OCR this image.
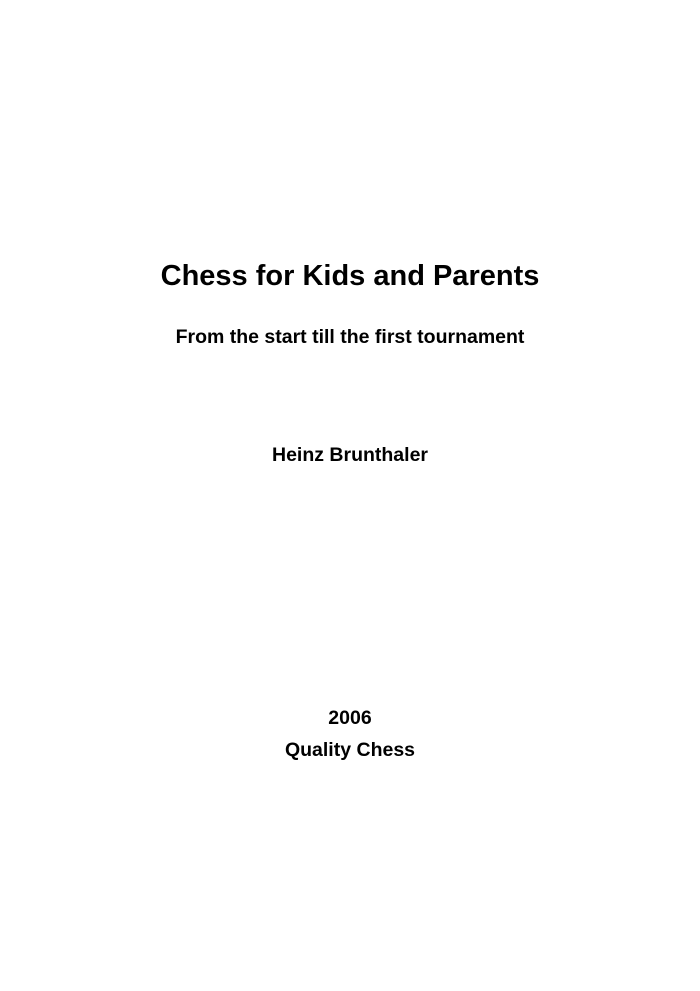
Chess for Kids and Parents
From the start till the first tournament
Heinz Brunthaler
2006
Quality Chess
